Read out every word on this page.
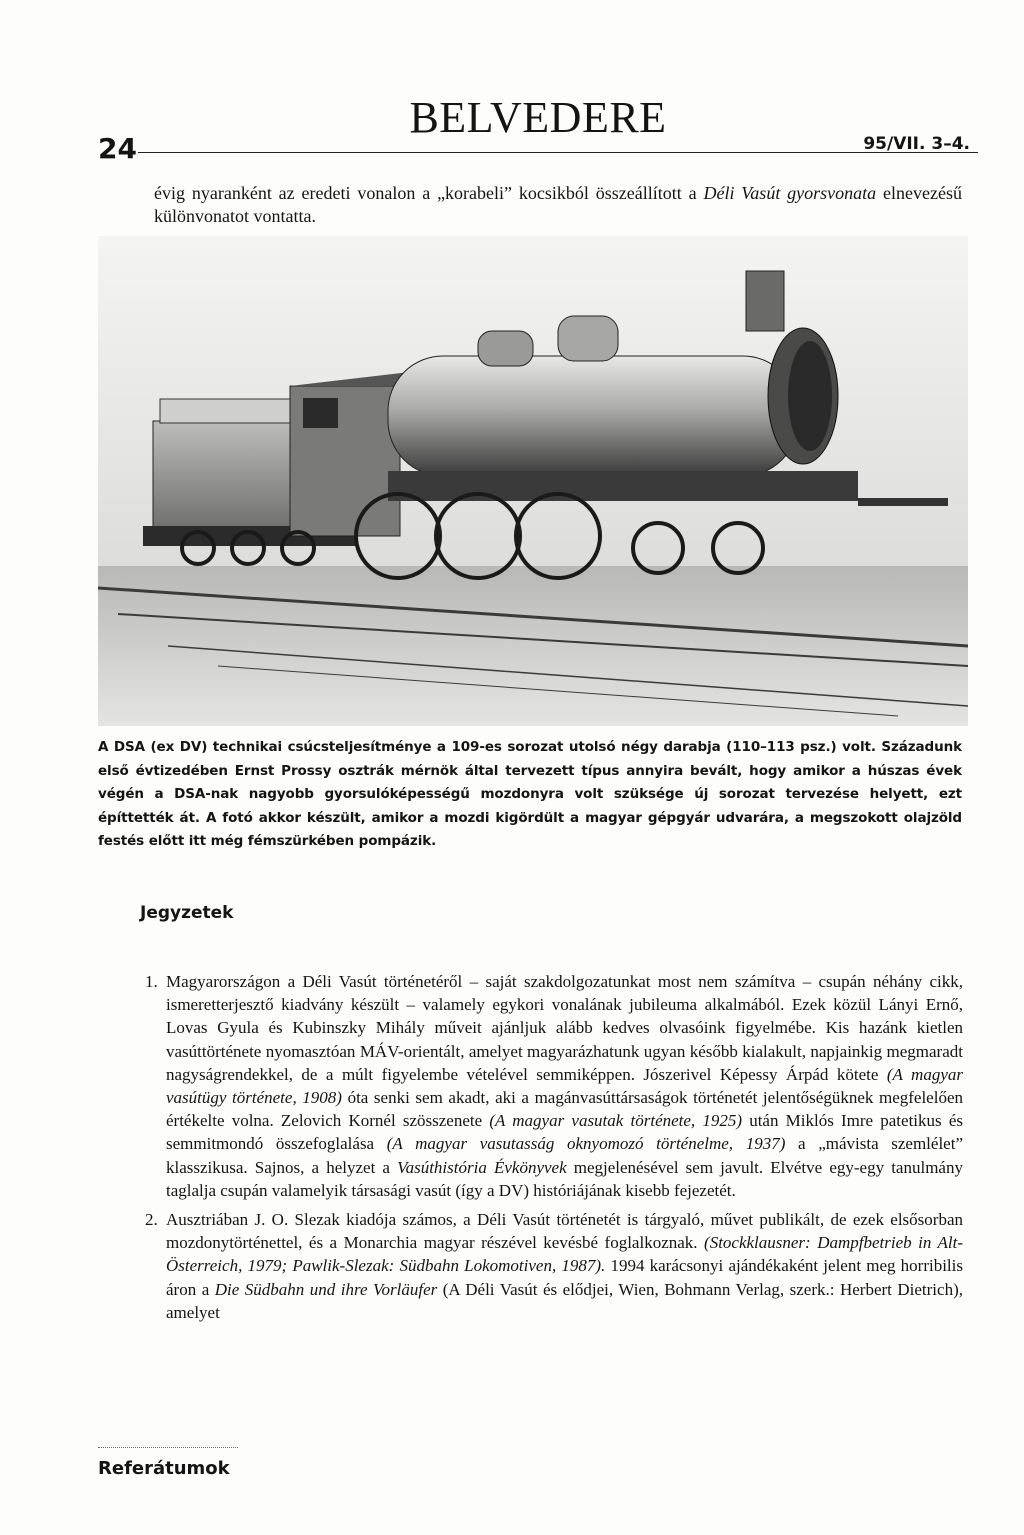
24
BELVEDERE
95/VII. 3–4.

évig nyaranként az eredeti vonalon a „korabeli” kocsikból összeállított a Déli Vasút gyorsvonata elnevezésű különvonatot vontatta.

A DSA (ex DV) technikai csúcsteljesítménye a 109-es sorozat utolsó négy darabja (110–113 psz.) volt. Századunk első évtizedében Ernst Prossy osztrák mérnök által tervezett típus annyira bevált, hogy amikor a húszas évek végén a DSA-nak nagyobb gyorsulóképességű mozdonyra volt szüksége új sorozat tervezése helyett, ezt építtették át. A fotó akkor készült, amikor a mozdi kigördült a magyar gépgyár udvarára, a megszokott olajzöld festés előtt itt még fémszürkében pompázik.

Jegyzetek

1. Magyarországon a Déli Vasút történetéről – saját szakdolgozatunkat most nem számítva – csupán néhány cikk, ismeretterjesztő kiadvány készült – valamely egykori vonalának jubileuma alkalmából. Ezek közül Lányi Ernő, Lovas Gyula és Kubinszky Mihály műveit ajánljuk alább kedves olvasóink figyelmébe. Kis hazánk kietlen vasúttörténete nyomasztóan MÁV-orientált, amelyet magyarázhatunk ugyan később kialakult, napjainkig megmaradt nagyságrendekkel, de a múlt figyelembe vételével semmiképpen. Jószerivel Képessy Árpád kötete (A magyar vasútügy története, 1908) óta senki sem akadt, aki a magánvasúttársaságok történetét jelentőségüknek megfelelően értékelte volna. Zelovich Kornél szösszenete (A magyar vasutak története, 1925) után Miklós Imre patetikus és semmitmondó összefoglalása (A magyar vasutasság oknyomozó történelme, 1937) a „mávista szemlélet” klasszikusa. Sajnos, a helyzet a Vasúthistória Évkönyvek megjelenésével sem javult. Elvétve egy-egy tanulmány taglalja csupán valamelyik társasági vasút (így a DV) históriájának kisebb fejezetét.

2. Ausztriában J. O. Slezak kiadója számos, a Déli Vasút történetét is tárgyaló, művet publikált, de ezek elsősorban mozdonytörténettel, és a Monarchia magyar részével kevésbé foglalkoznak. (Stockklausner: Dampfbetrieb in Alt-Österreich, 1979; Pawlik-Slezak: Südbahn Lokomotiven, 1987). 1994 karácsonyi ajándékaként jelent meg horribilis áron a Die Südbahn und ihre Vorläufer (A Déli Vasút és elődjei, Wien, Bohmann Verlag, szerk.: Herbert Dietrich), amelyet

Referátumok
